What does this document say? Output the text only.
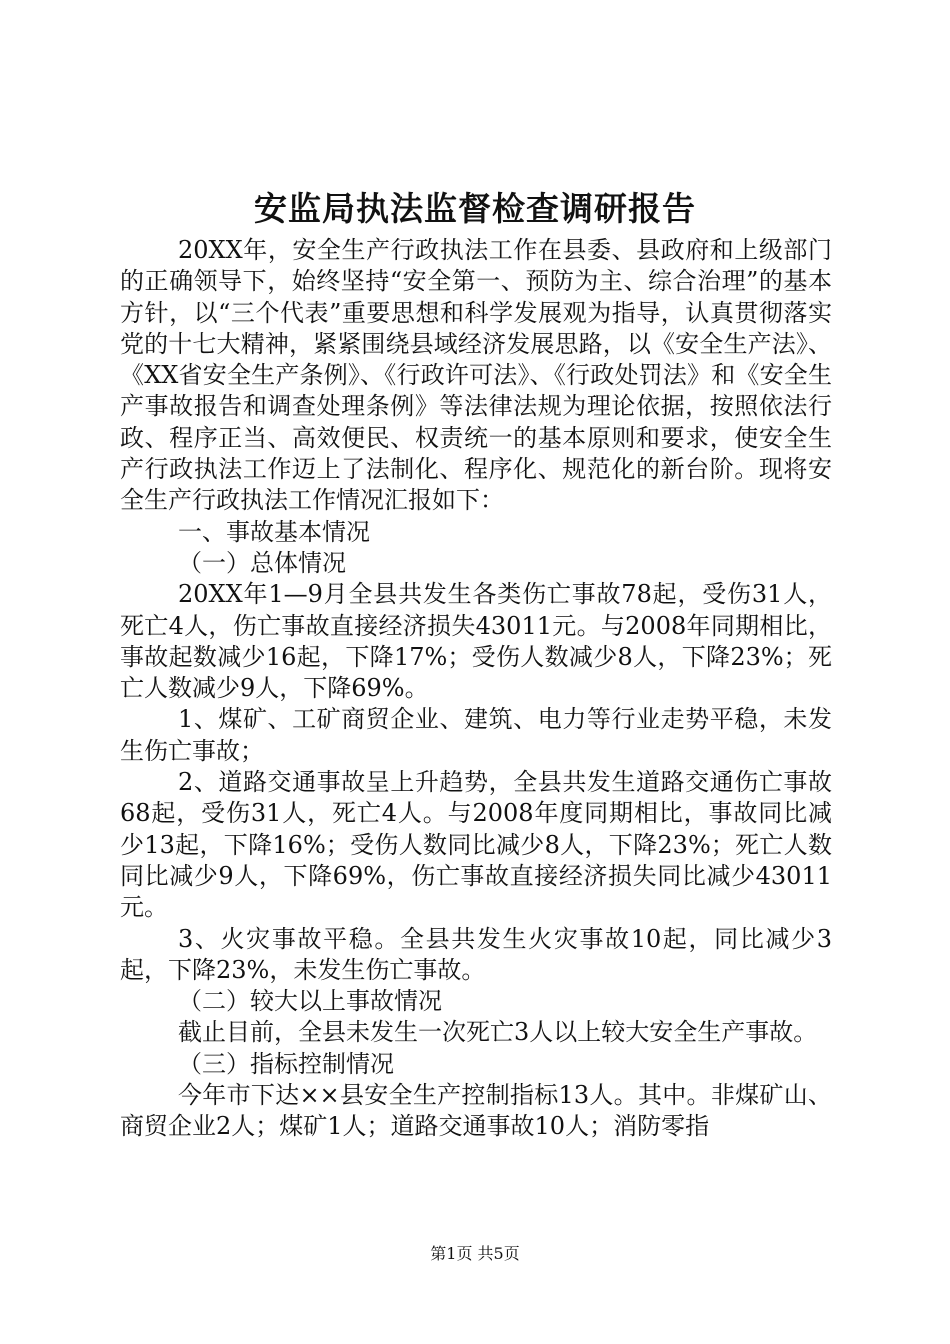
安监局执法监督检查调研报告

20XX年，安全生产行政执法工作在县委、县政府和上级部门的正确领导下，始终坚持“安全第一、预防为主、综合治理”的基本方针，以“三个代表”重要思想和科学发展观为指导，认真贯彻落实党的十七大精神，紧紧围绕县域经济发展思路，以《安全生产法》、《XX省安全生产条例》、《行政许可法》、《行政处罚法》和《安全生产事故报告和调查处理条例》等法律法规为理论依据，按照依法行政、程序正当、高效便民、权责统一的基本原则和要求，使安全生产行政执法工作迈上了法制化、程序化、规范化的新台阶。现将安全生产行政执法工作情况汇报如下：

一、事故基本情况

（一）总体情况

20XX年1—9月全县共发生各类伤亡事故78起，受伤31人，死亡4人，伤亡事故直接经济损失43011元。与2008年同期相比，事故起数减少16起，下降17%；受伤人数减少8人，下降23%；死亡人数减少9人，下降69%。

1、煤矿、工矿商贸企业、建筑、电力等行业走势平稳，未发生伤亡事故；

2、道路交通事故呈上升趋势，全县共发生道路交通伤亡事故68起，受伤31人，死亡4人。与2008年度同期相比，事故同比减少13起，下降16%；受伤人数同比减少8人，下降23%；死亡人数同比减少9人，下降69%，伤亡事故直接经济损失同比减少43011元。

3、火灾事故平稳。全县共发生火灾事故10起，同比减少3起，下降23%，未发生伤亡事故。

（二）较大以上事故情况

截止目前，全县未发生一次死亡3人以上较大安全生产事故。

（三）指标控制情况

今年市下达××县安全生产控制指标13人。其中。非煤矿山、商贸企业2人；煤矿1人；道路交通事故10人；消防零指

第1页 共5页
